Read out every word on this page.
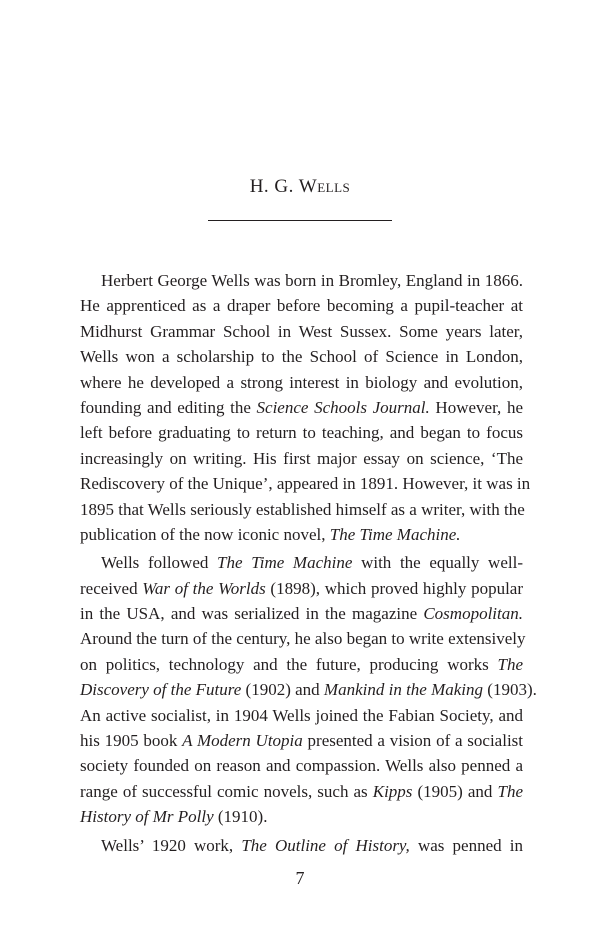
H. G. Wells
Herbert George Wells was born in Bromley, England in 1866.
He apprenticed as a draper before becoming a pupil-teacher at
Midhurst Grammar School in West Sussex. Some years later,
Wells won a scholarship to the School of Science in London,
where he developed a strong interest in biology and evolution,
founding and editing the Science Schools Journal. However, he
left before graduating to return to teaching, and began to focus
increasingly on writing. His first major essay on science, ‘The
Rediscovery of the Unique’, appeared in 1891. However, it was in
1895 that Wells seriously established himself as a writer, with the
publication of the now iconic novel, The Time Machine.
Wells followed The Time Machine with the equally well-
received War of the Worlds (1898), which proved highly popular
in the USA, and was serialized in the magazine Cosmopolitan.
Around the turn of the century, he also began to write extensively
on politics, technology and the future, producing works The
Discovery of the Future (1902) and Mankind in the Making (1903).
An active socialist, in 1904 Wells joined the Fabian Society, and
his 1905 book A Modern Utopia presented a vision of a socialist
society founded on reason and compassion. Wells also penned a
range of successful comic novels, such as Kipps (1905) and The
History of Mr Polly (1910).
Wells’ 1920 work, The Outline of History, was penned in
7
